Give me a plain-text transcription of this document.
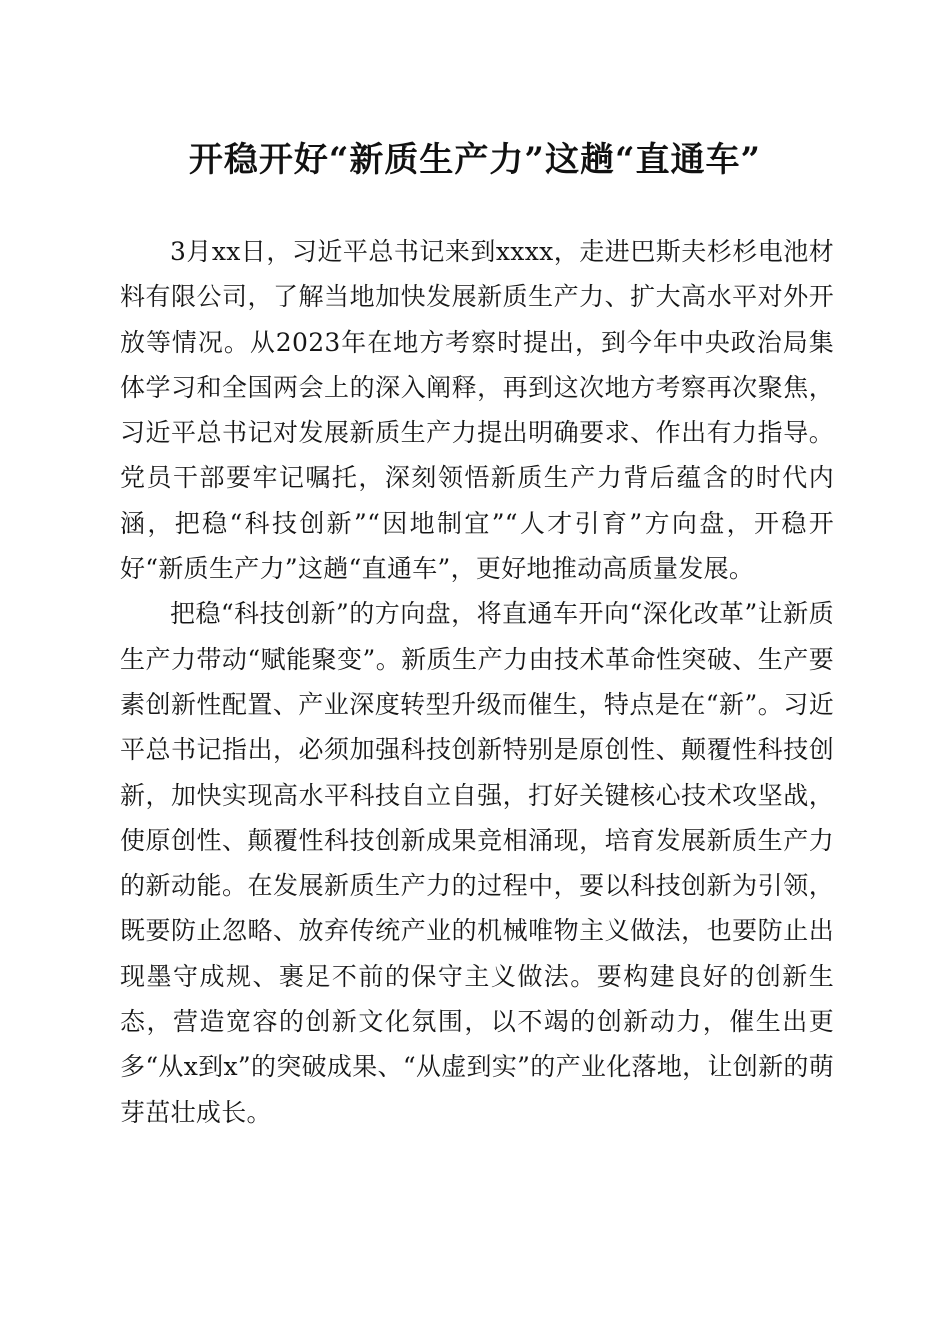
开稳开好“新质生产力”这趟“直通车”

3月xx日，习近平总书记来到xxxx，走进巴斯夫杉杉电池材料有限公司，了解当地加快发展新质生产力、扩大高水平对外开放等情况。从2023年在地方考察时提出，到今年中央政治局集体学习和全国两会上的深入阐释，再到这次地方考察再次聚焦，习近平总书记对发展新质生产力提出明确要求、作出有力指导。党员干部要牢记嘱托，深刻领悟新质生产力背后蕴含的时代内涵，把稳“科技创新”“因地制宜”“人才引育”方向盘，开稳开好“新质生产力”这趟“直通车”，更好地推动高质量发展。

把稳“科技创新”的方向盘，将直通车开向“深化改革”让新质生产力带动“赋能聚变”。新质生产力由技术革命性突破、生产要素创新性配置、产业深度转型升级而催生，特点是在“新”。习近平总书记指出，必须加强科技创新特别是原创性、颠覆性科技创新，加快实现高水平科技自立自强，打好关键核心技术攻坚战，使原创性、颠覆性科技创新成果竞相涌现，培育发展新质生产力的新动能。在发展新质生产力的过程中，要以科技创新为引领，既要防止忽略、放弃传统产业的机械唯物主义做法，也要防止出现墨守成规、裹足不前的保守主义做法。要构建良好的创新生态，营造宽容的创新文化氛围，以不竭的创新动力，催生出更多“从x到x”的突破成果、“从虚到实”的产业化落地，让创新的萌芽茁壮成长。
